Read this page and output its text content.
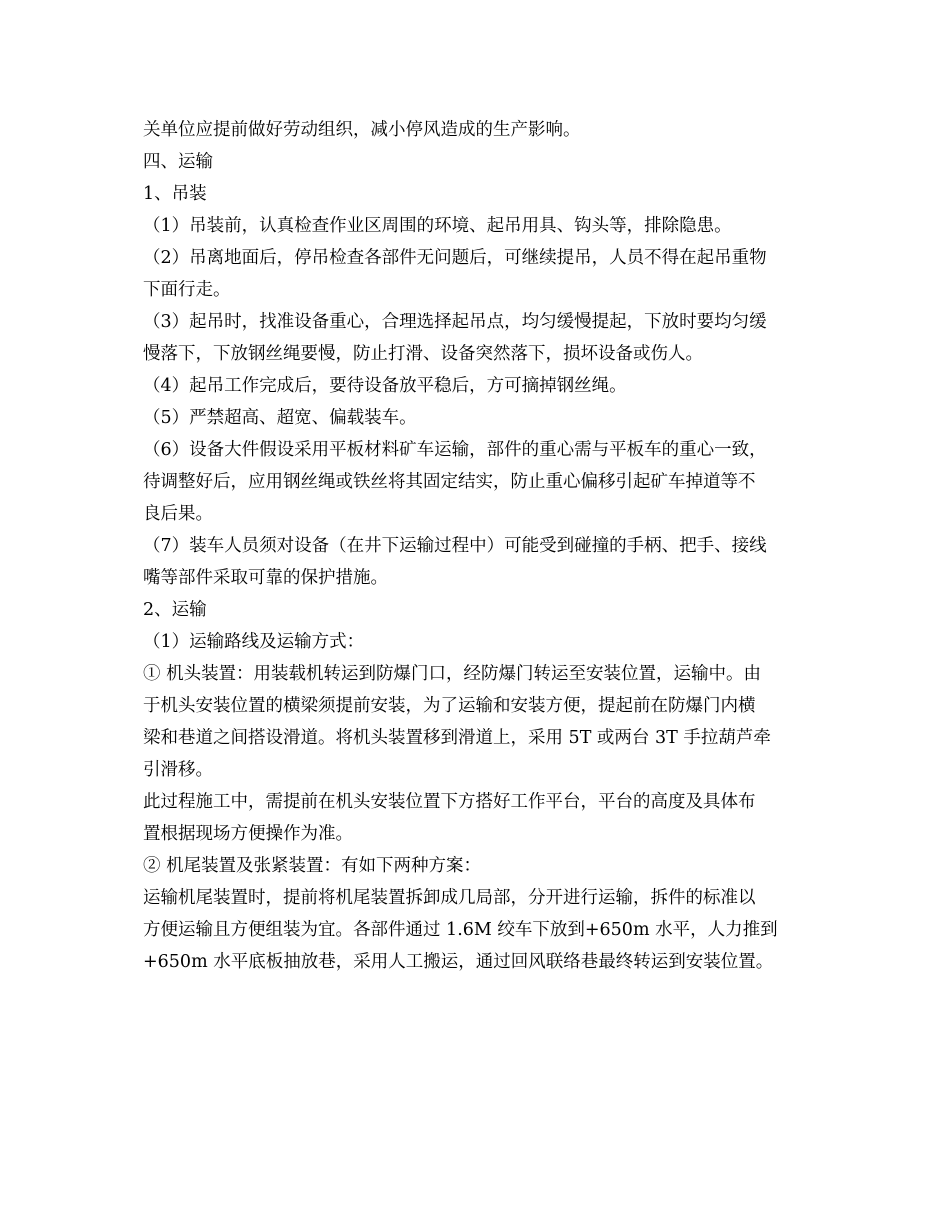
关单位应提前做好劳动组织，减小停风造成的生产影响。
四、运输
1、吊装
（1）吊装前，认真检查作业区周围的环境、起吊用具、钩头等，排除隐患。
（2）吊离地面后，停吊检查各部件无问题后，可继续提吊，人员不得在起吊重物
下面行走。
（3）起吊时，找准设备重心，合理选择起吊点，均匀缓慢提起，下放时要均匀缓
慢落下，下放钢丝绳要慢，防止打滑、设备突然落下，损坏设备或伤人。
（4）起吊工作完成后，要待设备放平稳后，方可摘掉钢丝绳。
（5）严禁超高、超宽、偏载装车。
（6）设备大件假设采用平板材料矿车运输，部件的重心需与平板车的重心一致，
待调整好后，应用钢丝绳或铁丝将其固定结实，防止重心偏移引起矿车掉道等不
良后果。
（7）装车人员须对设备（在井下运输过程中）可能受到碰撞的手柄、把手、接线
嘴等部件采取可靠的保护措施。
2、运输
（1）运输路线及运输方式：
① 机头装置：用装载机转运到防爆门口，经防爆门转运至安装位置，运输中。由
于机头安装位置的横梁须提前安装，为了运输和安装方便，提起前在防爆门内横
梁和巷道之间搭设滑道。将机头装置移到滑道上，采用 5T 或两台 3T 手拉葫芦牵
引滑移。
此过程施工中，需提前在机头安装位置下方搭好工作平台，平台的高度及具体布
置根据现场方便操作为准。
② 机尾装置及张紧装置：有如下两种方案：
运输机尾装置时，提前将机尾装置拆卸成几局部，分开进行运输，拆件的标准以
方便运输且方便组装为宜。各部件通过 1.6M 绞车下放到+650m 水平，人力推到
+650m 水平底板抽放巷，采用人工搬运，通过回风联络巷最终转运到安装位置。
